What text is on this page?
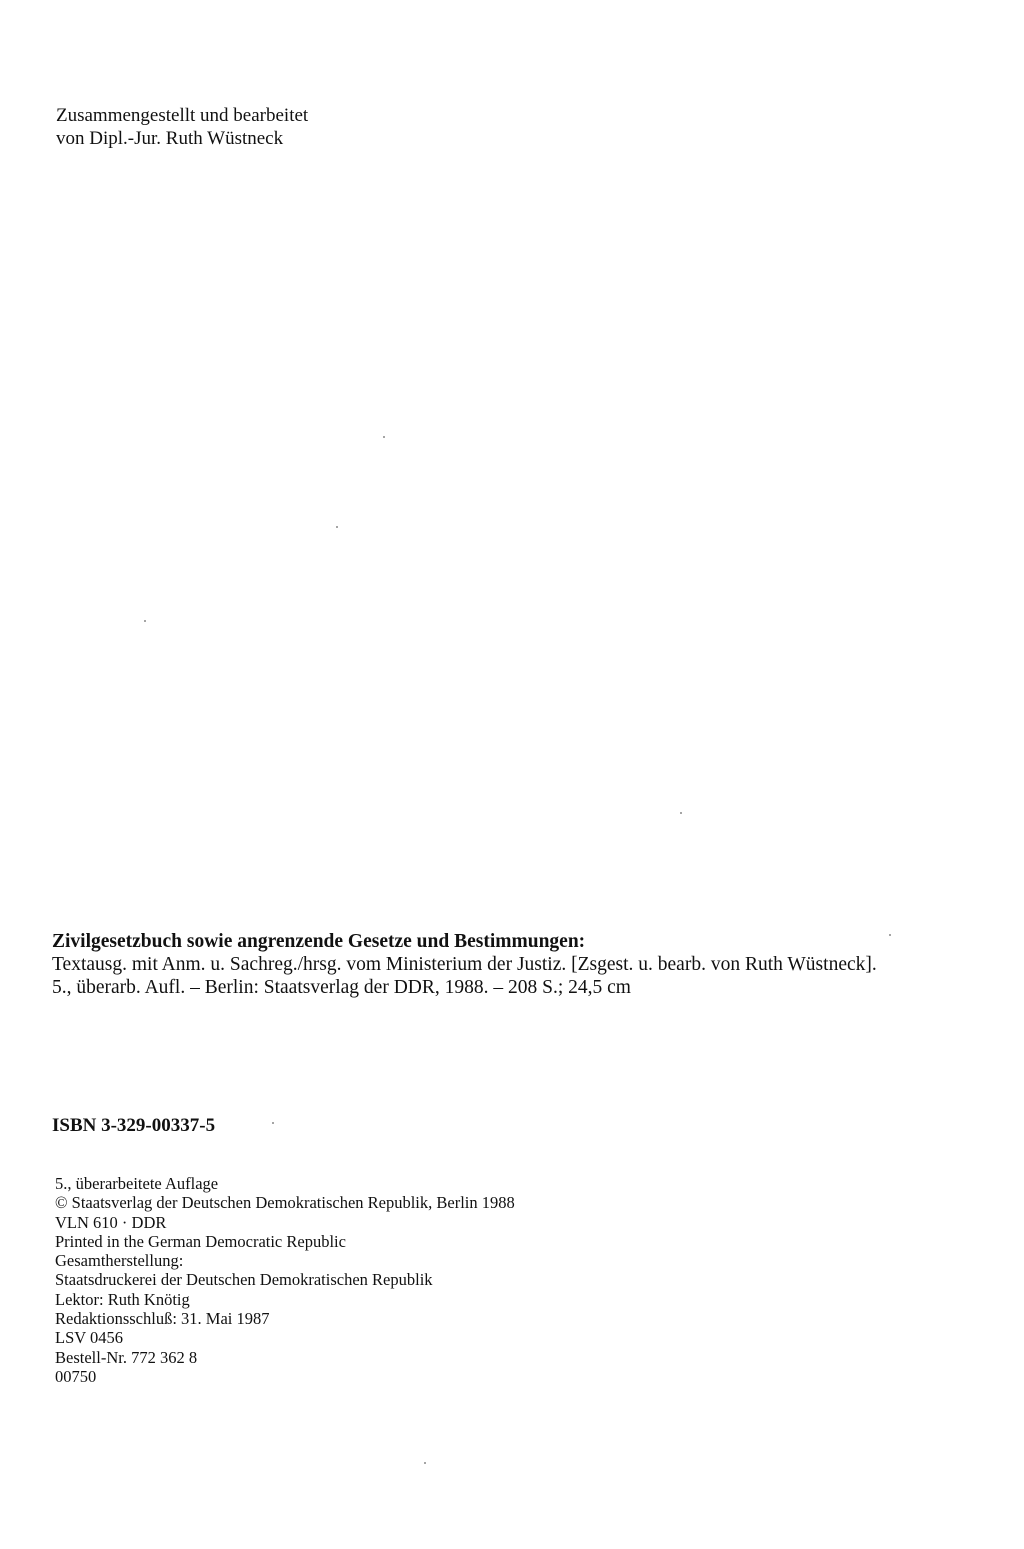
Zusammengestellt und bearbeitet
von Dipl.-Jur. Ruth Wüstneck
Zivilgesetzbuch sowie angrenzende Gesetze und Bestimmungen:
Textausg. mit Anm. u. Sachreg./hrsg. vom Ministerium der Justiz. [Zsgest. u. bearb. von Ruth Wüstneck].
5., überarb. Aufl. – Berlin: Staatsverlag der DDR, 1988. – 208 S.; 24,5 cm
ISBN 3-329-00337-5
5., überarbeitete Auflage
© Staatsverlag der Deutschen Demokratischen Republik, Berlin 1988
VLN 610 · DDR
Printed in the German Democratic Republic
Gesamtherstellung:
Staatsdruckerei der Deutschen Demokratischen Republik
Lektor: Ruth Knötig
Redaktionsschluß: 31. Mai 1987
LSV 0456
Bestell-Nr. 772 362 8
00750
